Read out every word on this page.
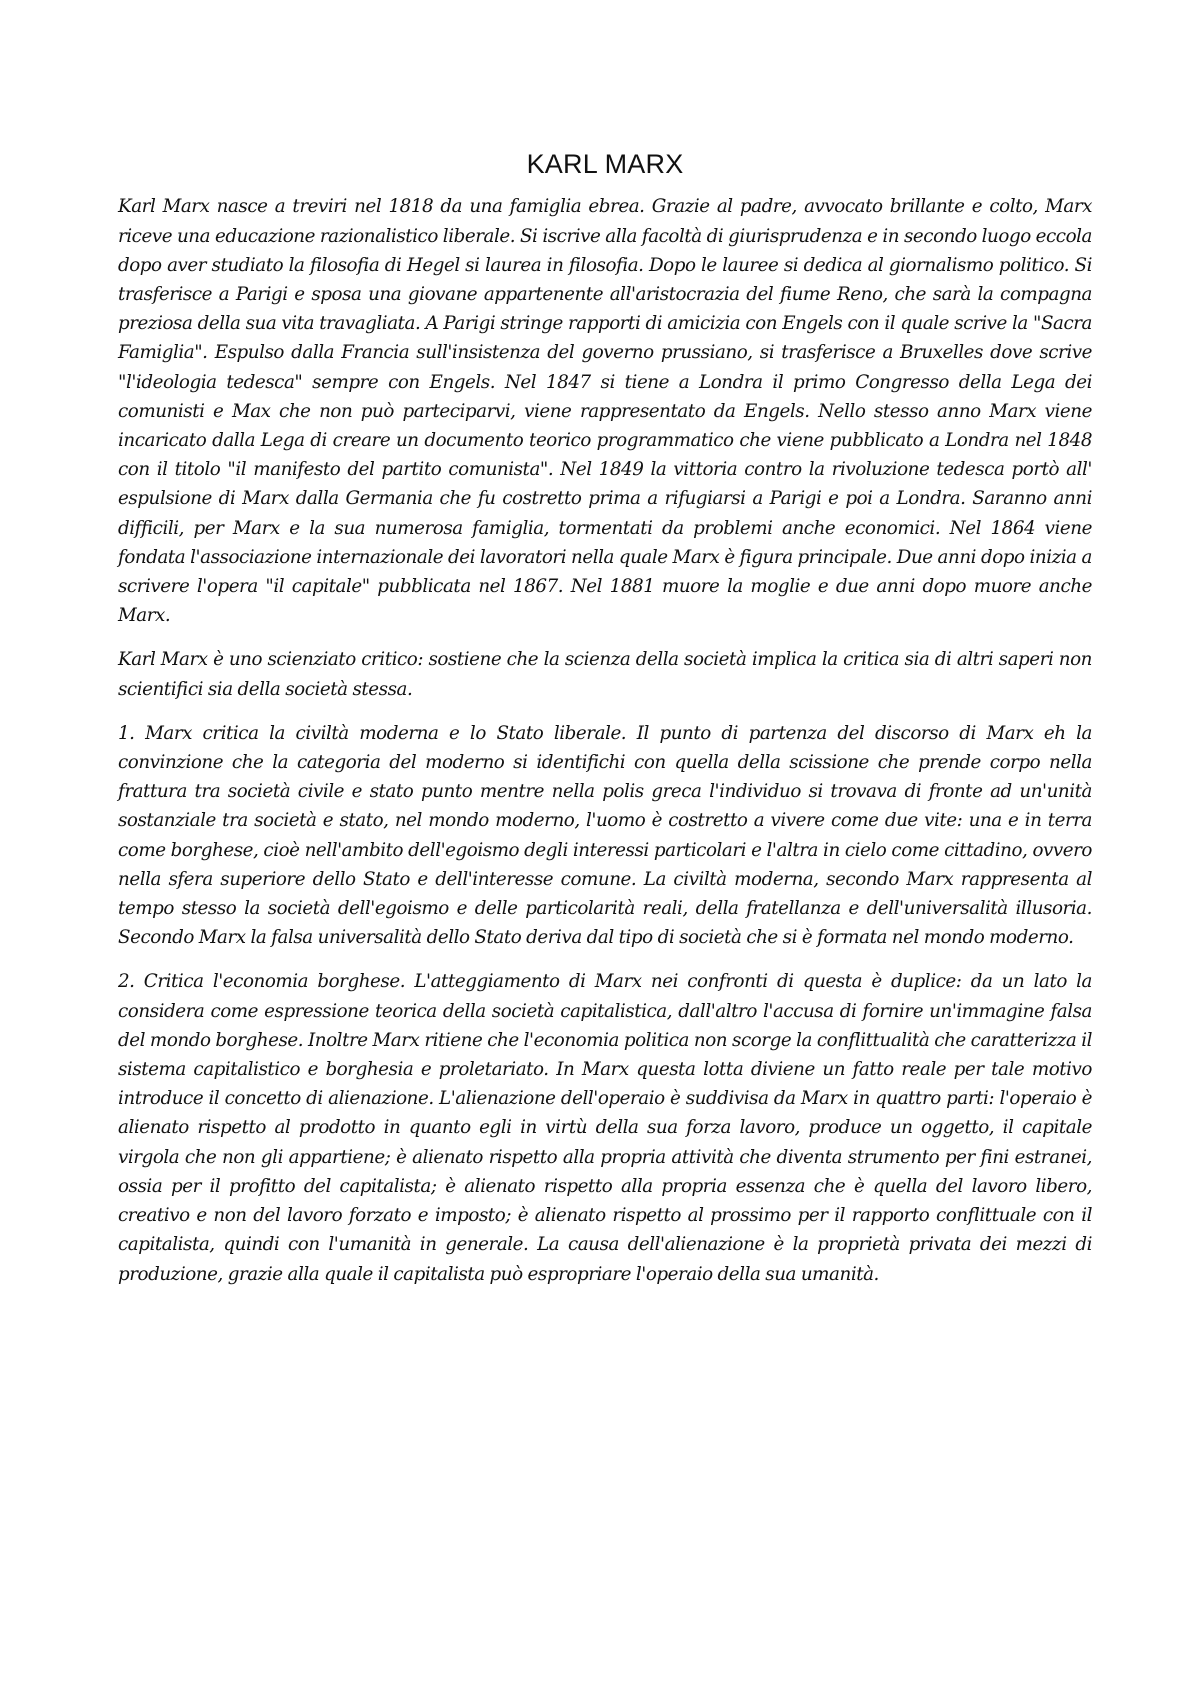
KARL MARX

Karl Marx nasce a treviri nel 1818 da una famiglia ebrea. Grazie al padre, avvocato brillante e colto, Marx riceve una educazione razionalistico liberale. Si iscrive alla facoltà di giurisprudenza e in secondo luogo eccola dopo aver studiato la filosofia di Hegel si laurea in filosofia. Dopo le lauree si dedica al giornalismo politico. Si trasferisce a Parigi e sposa una giovane appartenente all'aristocrazia del fiume Reno, che sarà la compagna preziosa della sua vita travagliata. A Parigi stringe rapporti di amicizia con Engels con il quale scrive la "Sacra Famiglia". Espulso dalla Francia sull'insistenza del governo prussiano, si trasferisce a Bruxelles dove scrive "l'ideologia tedesca" sempre con Engels. Nel 1847 si tiene a Londra il primo Congresso della Lega dei comunisti e Max che non può parteciparvi, viene rappresentato da Engels. Nello stesso anno Marx viene incaricato dalla Lega di creare un documento teorico programmatico che viene pubblicato a Londra nel 1848 con il titolo "il manifesto del partito comunista". Nel 1849 la vittoria contro la rivoluzione tedesca portò all' espulsione di Marx dalla Germania che fu costretto prima a rifugiarsi a Parigi e poi a Londra. Saranno anni difficili, per Marx e la sua numerosa famiglia, tormentati da problemi anche economici. Nel 1864 viene fondata l'associazione internazionale dei lavoratori nella quale Marx è figura principale. Due anni dopo inizia a scrivere l'opera "il capitale" pubblicata nel 1867. Nel 1881 muore la moglie e due anni dopo muore anche Marx.

Karl Marx è uno scienziato critico: sostiene che la scienza della società implica la critica sia di altri saperi non scientifici sia della società stessa.

1. Marx critica la civiltà moderna e lo Stato liberale. Il punto di partenza del discorso di Marx eh la convinzione che la categoria del moderno si identifichi con quella della scissione che prende corpo nella frattura tra società civile e stato punto mentre nella polis greca l'individuo si trovava di fronte ad un'unità sostanziale tra società e stato, nel mondo moderno, l'uomo è costretto a vivere come due vite: una e in terra come borghese, cioè nell'ambito dell'egoismo degli interessi particolari e l'altra in cielo come cittadino, ovvero nella sfera superiore dello Stato e dell'interesse comune. La civiltà moderna, secondo Marx rappresenta al tempo stesso la società dell'egoismo e delle particolarità reali, della fratellanza e dell'universalità illusoria. Secondo Marx la falsa universalità dello Stato deriva dal tipo di società che si è formata nel mondo moderno.

2. Critica l'economia borghese. L'atteggiamento di Marx nei confronti di questa è duplice: da un lato la considera come espressione teorica della società capitalistica, dall'altro l'accusa di fornire un'immagine falsa del mondo borghese. Inoltre Marx ritiene che l'economia politica non scorge la conflittualità che caratterizza il sistema capitalistico e borghesia e proletariato. In Marx questa lotta diviene un fatto reale per tale motivo introduce il concetto di alienazione. L'alienazione dell'operaio è suddivisa da Marx in quattro parti: l'operaio è alienato rispetto al prodotto in quanto egli in virtù della sua forza lavoro, produce un oggetto, il capitale virgola che non gli appartiene; è alienato rispetto alla propria attività che diventa strumento per fini estranei, ossia per il profitto del capitalista; è alienato rispetto alla propria essenza che è quella del lavoro libero, creativo e non del lavoro forzato e imposto; è alienato rispetto al prossimo per il rapporto conflittuale con il capitalista, quindi con l'umanità in generale. La causa dell'alienazione è la proprietà privata dei mezzi di produzione, grazie alla quale il capitalista può espropriare l'operaio della sua umanità.
